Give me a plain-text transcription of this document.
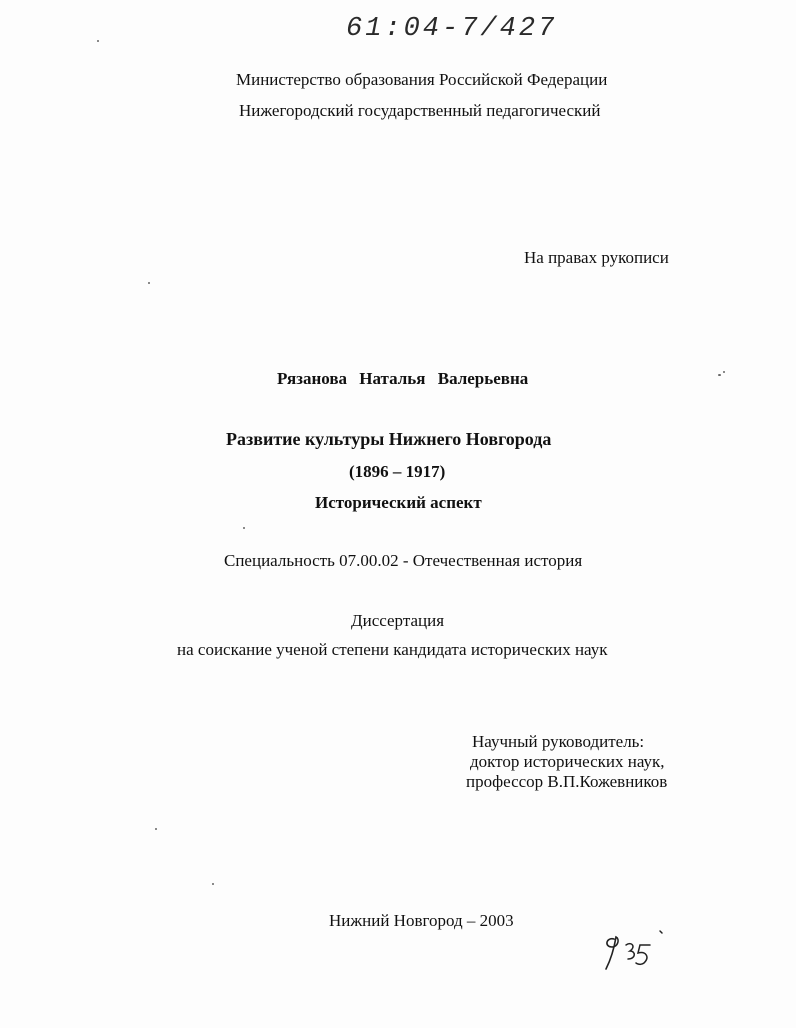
61:04-7/427
Министерство образования Российской Федерации
Нижегородский государственный педагогический
На правах рукописи
Рязанова Наталья Валерьевна
Развитие культуры Нижнего Новгорода
(1896 – 1917)
Исторический аспект
Специальность 07.00.02 - Отечественная история
Диссертация
на соискание ученой степени кандидата исторических наук
Научный руководитель:
доктор исторических наук,
профессор В.П.Кожевников
Нижний Новгород – 2003
